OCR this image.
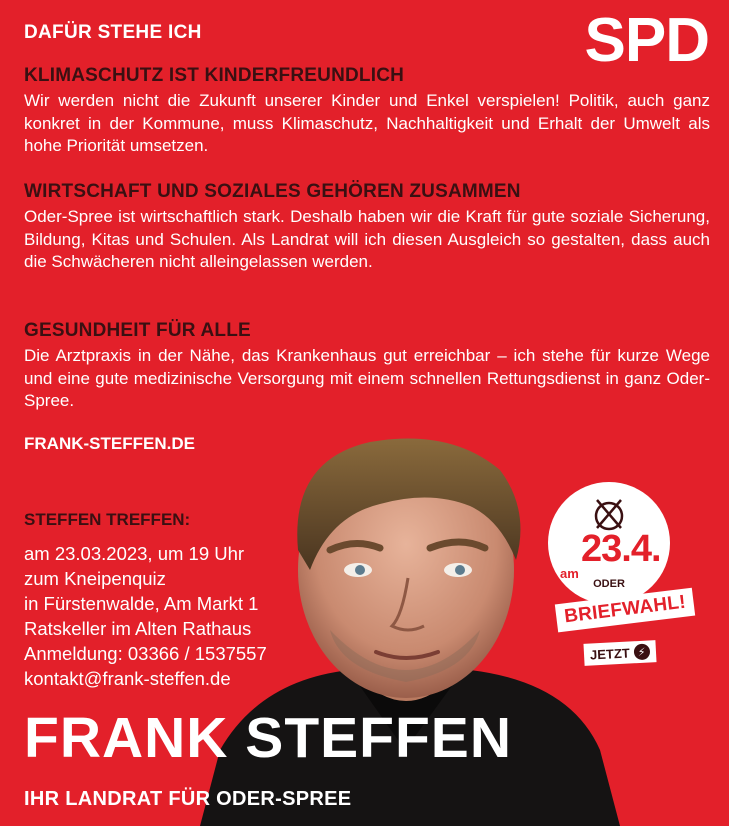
DAFÜR STEHE ICH	SPD
KLIMASCHUTZ IST KINDERFREUNDLICH

Wir werden nicht die Zukunft unserer Kinder und Enkel verspielen! Politik, auch ganz konkret in der Kommune, muss Klimaschutz, Nachhaltigkeit und Erhalt der Umwelt als hohe Priorität umsetzen.

WIRTSCHAFT UND SOZIALES GEHÖREN ZUSAMMEN

Oder-Spree ist wirtschaftlich stark. Deshalb haben wir die Kraft für gute soziale Sicherung, Bildung, Kitas und Schulen. Als Landrat will ich diesen Ausgleich so gestalten, dass auch die Schwächeren nicht alleingelassen werden.

GESUNDHEIT FÜR ALLE

Die Arztpraxis in der Nähe, das Krankenhaus gut erreichbar – ich stehe für kurze Wege und eine gute medizinische Versorgung mit einem schnellen Rettungsdienst in ganz Oder-Spree.

FRANK-STEFFEN.DE
STEFFEN TREFFEN:
am 23.03.2023, um 19 Uhr
zum Kneipenquiz
in Fürstenwalde, Am Markt 1
Ratskeller im Alten Rathaus
Anmeldung: 03366 / 1537557
kontakt@frank-steffen.de
am
23.4.
ODER
BRIEFWAHL!
JETZT ⚡
FRANK STEFFEN
IHR LANDRAT FÜR ODER-SPREE
